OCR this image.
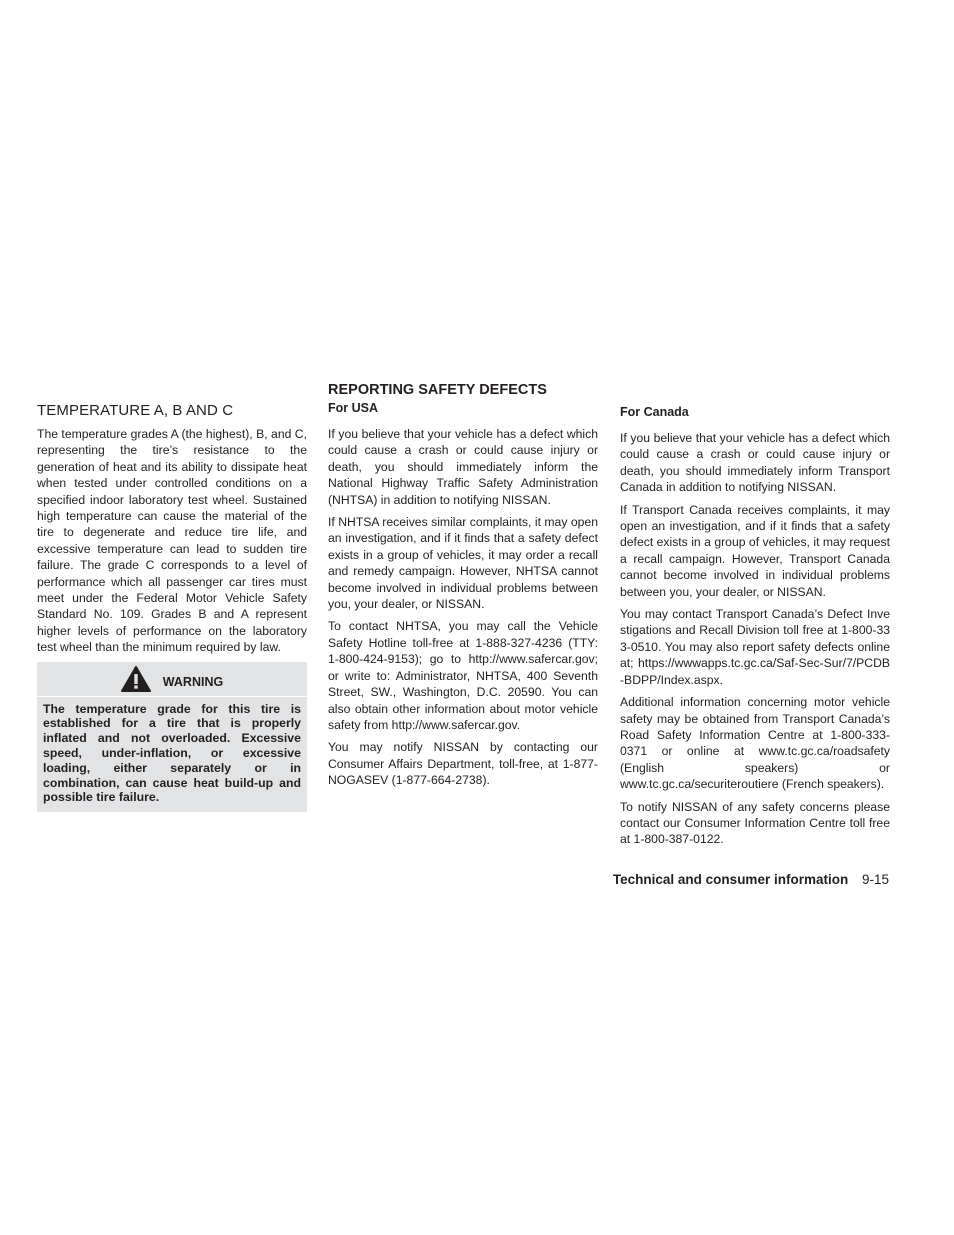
TEMPERATURE A, B AND C

The temperature grades A (the highest), B, and C, representing the tire’s resistance to the generation of heat and its ability to dissipate heat when tested under controlled conditions on a specified indoor laboratory test wheel. Sustained high temperature can cause the material of the tire to degenerate and reduce tire life, and excessive temperature can lead to sudden tire failure. The grade C corresponds to a level of performance which all passenger car tires must meet under the Federal Motor Vehicle Safety Standard No. 109. Grades B and A represent higher levels of performance on the laboratory test wheel than the minimum required by law.

WARNING
The temperature grade for this tire is established for a tire that is properly inflated and not overloaded. Excessive speed, under-inflation, or excessive loading, either separately or in combination, can cause heat build-up and possible tire failure.
REPORTING SAFETY DEFECTS
For USA

If you believe that your vehicle has a defect which could cause a crash or could cause injury or death, you should immediately inform the National Highway Traffic Safety Administration (NHTSA) in addition to notifying NISSAN.

If NHTSA receives similar complaints, it may open an investigation, and if it finds that a safety defect exists in a group of vehicles, it may order a recall and remedy campaign. However, NHTSA cannot become involved in individual problems between you, your dealer, or NISSAN.

To contact NHTSA, you may call the Vehicle Safety Hotline toll-free at 1-888-327-4236 (TTY: 1-800-424-9153); go to http://www.safercar.gov; or write to: Administrator, NHTSA, 400 Seventh Street, SW., Washington, D.C. 20590. You can also obtain other information about motor vehicle safety from http://www.safercar.gov.

You may notify NISSAN by contacting our Consumer Affairs Department, toll-free, at 1-877-NOGASEV (1-877-664-2738).

For Canada

If you believe that your vehicle has a defect which could cause a crash or could cause injury or death, you should immediately inform Transport Canada in addition to notifying NISSAN.

If Transport Canada receives complaints, it may open an investigation, and if it finds that a safety defect exists in a group of vehicles, it may request a recall campaign. However, Transport Canada cannot become involved in individual problems between you, your dealer, or NISSAN.

You may contact Transport Canada’s Defect Investigations and Recall Division toll free at 1-800-333-0510. You may also report safety defects online at; https://wwwapps.tc.gc.ca/Saf-Sec-Sur/7/PCDB-BDPP/Index.aspx.

Additional information concerning motor vehicle safety may be obtained from Transport Canada’s Road Safety Information Centre at 1-800-333-0371 or online at www.tc.gc.ca/roadsafety (English speakers) or www.tc.gc.ca/securiteroutiere (French speakers).

To notify NISSAN of any safety concerns please contact our Consumer Information Centre toll free at 1-800-387-0122.

Technical and consumer information 9-15
